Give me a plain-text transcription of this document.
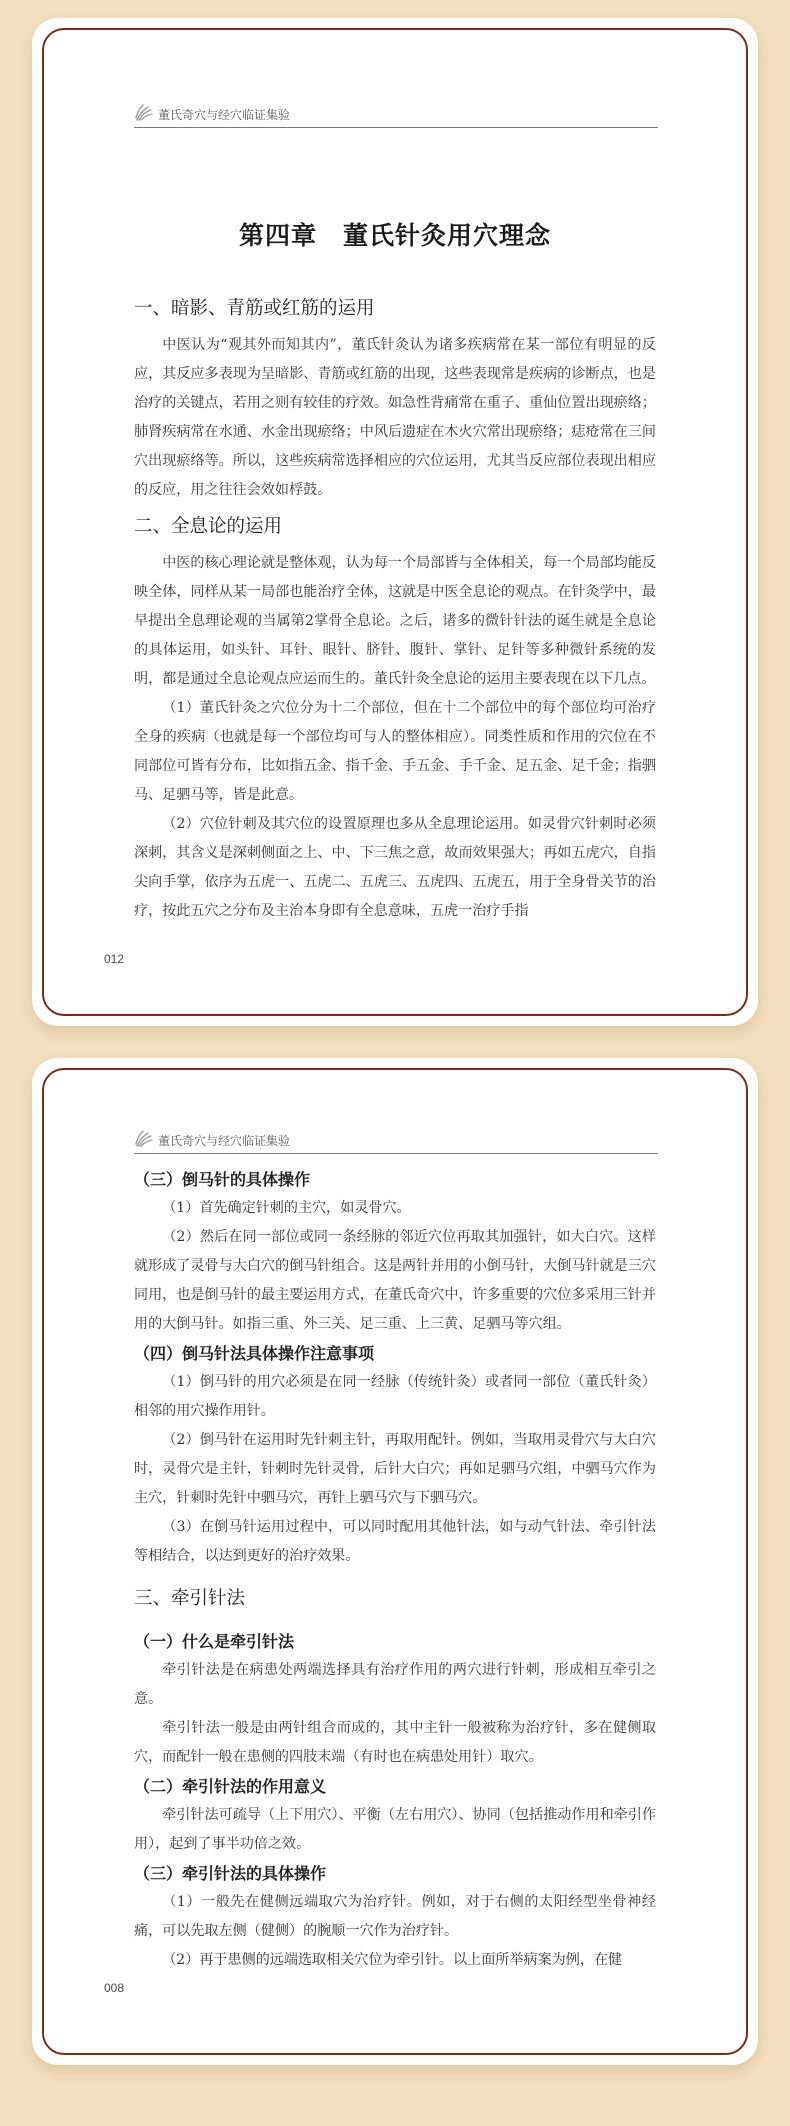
董氏奇穴与经穴临证集验
第四章　董氏针灸用穴理念
一、暗影、青筋或红筋的运用

中医认为“观其外而知其内”，董氏针灸认为诸多疾病常在某一部位有明显的反应，其反应多表现为呈暗影、青筋或红筋的出现，这些表现常是疾病的诊断点，也是治疗的关键点，若用之则有较佳的疗效。如急性背痛常在重子、重仙位置出现瘀络；肺肾疾病常在水通、水金出现瘀络；中风后遗症在木火穴常出现瘀络；痣疮常在三间穴出现瘀络等。所以，这些疾病常选择相应的穴位运用，尤其当反应部位表现出相应的反应，用之往往会效如桴鼓。

二、全息论的运用

中医的核心理论就是整体观，认为每一个局部皆与全体相关，每一个局部均能反映全体，同样从某一局部也能治疗全体，这就是中医全息论的观点。在针灸学中，最早提出全息理论观的当属第2掌骨全息论。之后，诸多的微针针法的诞生就是全息论的具体运用，如头针、耳针、眼针、脐针、腹针、掌针、足针等多种微针系统的发明，都是通过全息论观点应运而生的。董氏针灸全息论的运用主要表现在以下几点。

（1）董氏针灸之穴位分为十二个部位，但在十二个部位中的每个部位均可治疗全身的疾病（也就是每一个部位均可与人的整体相应）。同类性质和作用的穴位在不同部位可皆有分布，比如指五金、指千金、手五金、手千金、足五金、足千金；指驷马、足驷马等，皆是此意。

（2）穴位针刺及其穴位的设置原理也多从全息理论运用。如灵骨穴针刺时必须深刺，其含义是深刺侧面之上、中、下三焦之意，故而效果强大；再如五虎穴，自指尖向手掌，依序为五虎一、五虎二、五虎三、五虎四、五虎五，用于全身骨关节的治疗，按此五穴之分布及主治本身即有全息意味，五虎一治疗手指

012
董氏奇穴与经穴临证集验
（三）倒马针的具体操作

（1）首先确定针刺的主穴，如灵骨穴。

（2）然后在同一部位或同一条经脉的邻近穴位再取其加强针，如大白穴。这样就形成了灵骨与大白穴的倒马针组合。这是两针并用的小倒马针，大倒马针就是三穴同用，也是倒马针的最主要运用方式，在董氏奇穴中，许多重要的穴位多采用三针并用的大倒马针。如指三重、外三关、足三重、上三黄、足驷马等穴组。

（四）倒马针法具体操作注意事项

（1）倒马针的用穴必须是在同一经脉（传统针灸）或者同一部位（董氏针灸）相邻的用穴操作用针。

（2）倒马针在运用时先针刺主针，再取用配针。例如，当取用灵骨穴与大白穴时，灵骨穴是主针，针刺时先针灵骨，后针大白穴；再如足驷马穴组，中驷马穴作为主穴，针刺时先针中驷马穴，再针上驷马穴与下驷马穴。

（3）在倒马针运用过程中，可以同时配用其他针法，如与动气针法、牵引针法等相结合，以达到更好的治疗效果。

三、牵引针法
（一）什么是牵引针法

牵引针法是在病患处两端选择具有治疗作用的两穴进行针刺，形成相互牵引之意。

牵引针法一般是由两针组合而成的，其中主针一般被称为治疗针，多在健侧取穴，而配针一般在患侧的四肢末端（有时也在病患处用针）取穴。

（二）牵引针法的作用意义

牵引针法可疏导（上下用穴）、平衡（左右用穴）、协同（包括推动作用和牵引作用），起到了事半功倍之效。

（三）牵引针法的具体操作

（1）一般先在健侧远端取穴为治疗针。例如，对于右侧的太阳经型坐骨神经痛，可以先取左侧（健侧）的腕顺一穴作为治疗针。

（2）再于患侧的远端选取相关穴位为牵引针。以上面所举病案为例，在健

008
